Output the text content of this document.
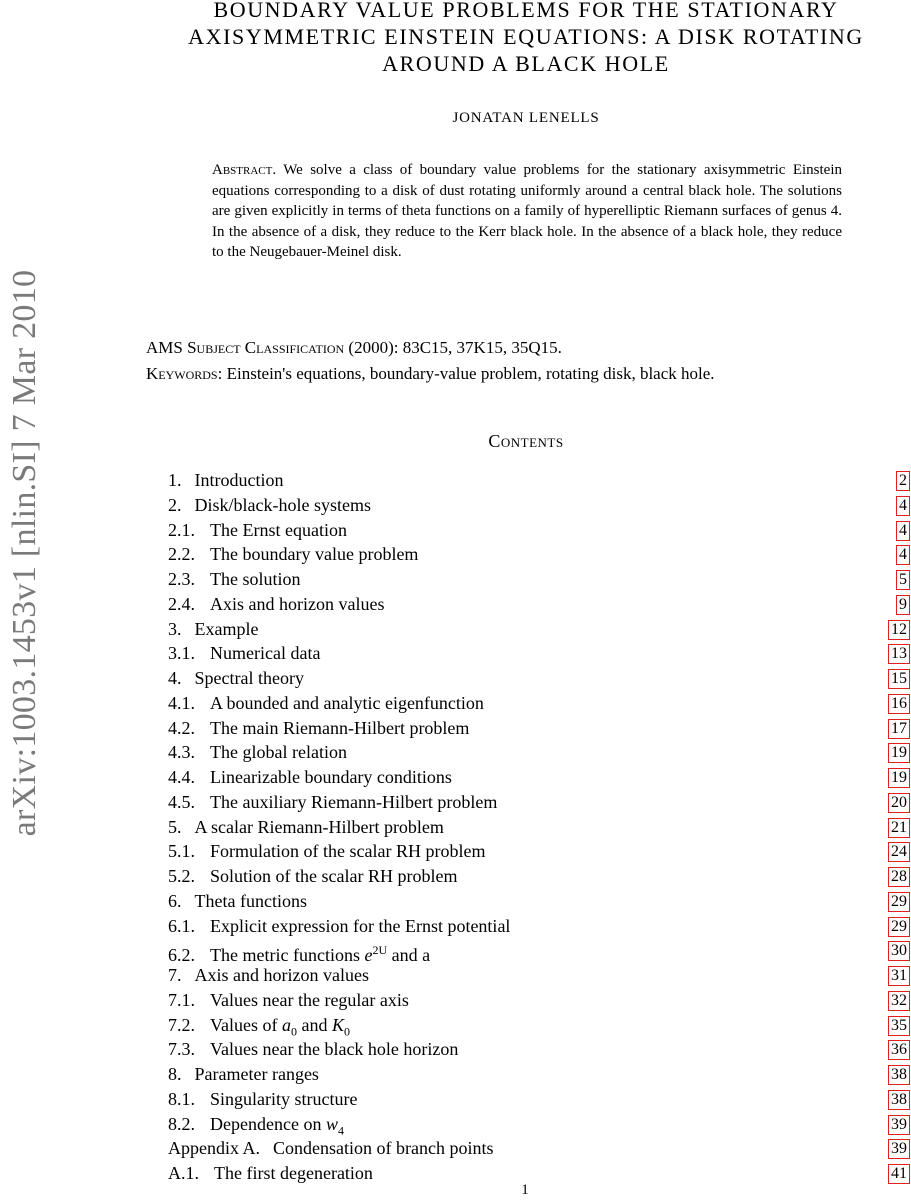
arXiv:1003.1453v1 [nlin.SI] 7 Mar 2010
BOUNDARY VALUE PROBLEMS FOR THE STATIONARY
AXISYMMETRIC EINSTEIN EQUATIONS: A DISK ROTATING
AROUND A BLACK HOLE
JONATAN LENELLS
Abstract. We solve a class of boundary value problems for the stationary axisymmetric Einstein equations corresponding to a disk of dust rotating uniformly around a central black hole. The solutions are given explicitly in terms of theta functions on a family of hyperelliptic Riemann surfaces of genus 4. In the absence of a disk, they reduce to the Kerr black hole. In the absence of a black hole, they reduce to the Neugebauer-Meinel disk.
AMS Subject Classification (2000): 83C15, 37K15, 35Q15.
Keywords: Einstein's equations, boundary-value problem, rotating disk, black hole.
Contents
1. Introduction	2
2. Disk/black-hole systems	4
2.1. The Ernst equation	4
2.2. The boundary value problem	4
2.3. The solution	5
2.4. Axis and horizon values	9
3. Example	12
3.1. Numerical data	13
4. Spectral theory	15
4.1. A bounded and analytic eigenfunction	16
4.2. The main Riemann-Hilbert problem	17
4.3. The global relation	19
4.4. Linearizable boundary conditions	19
4.5. The auxiliary Riemann-Hilbert problem	20
5. A scalar Riemann-Hilbert problem	21
5.1. Formulation of the scalar RH problem	24
5.2. Solution of the scalar RH problem	28
6. Theta functions	29
6.1. Explicit expression for the Ernst potential	29
6.2. The metric functions $e^{2U}$ and a	30
7. Axis and horizon values	31
7.1. Values near the regular axis	32
7.2. Values of $a_0$ and $K_0$	35
7.3. Values near the black hole horizon	36
8. Parameter ranges	38
8.1. Singularity structure	38
8.2. Dependence on $w_4$	39
Appendix A. Condensation of branch points	39
A.1. The first degeneration	41
1
